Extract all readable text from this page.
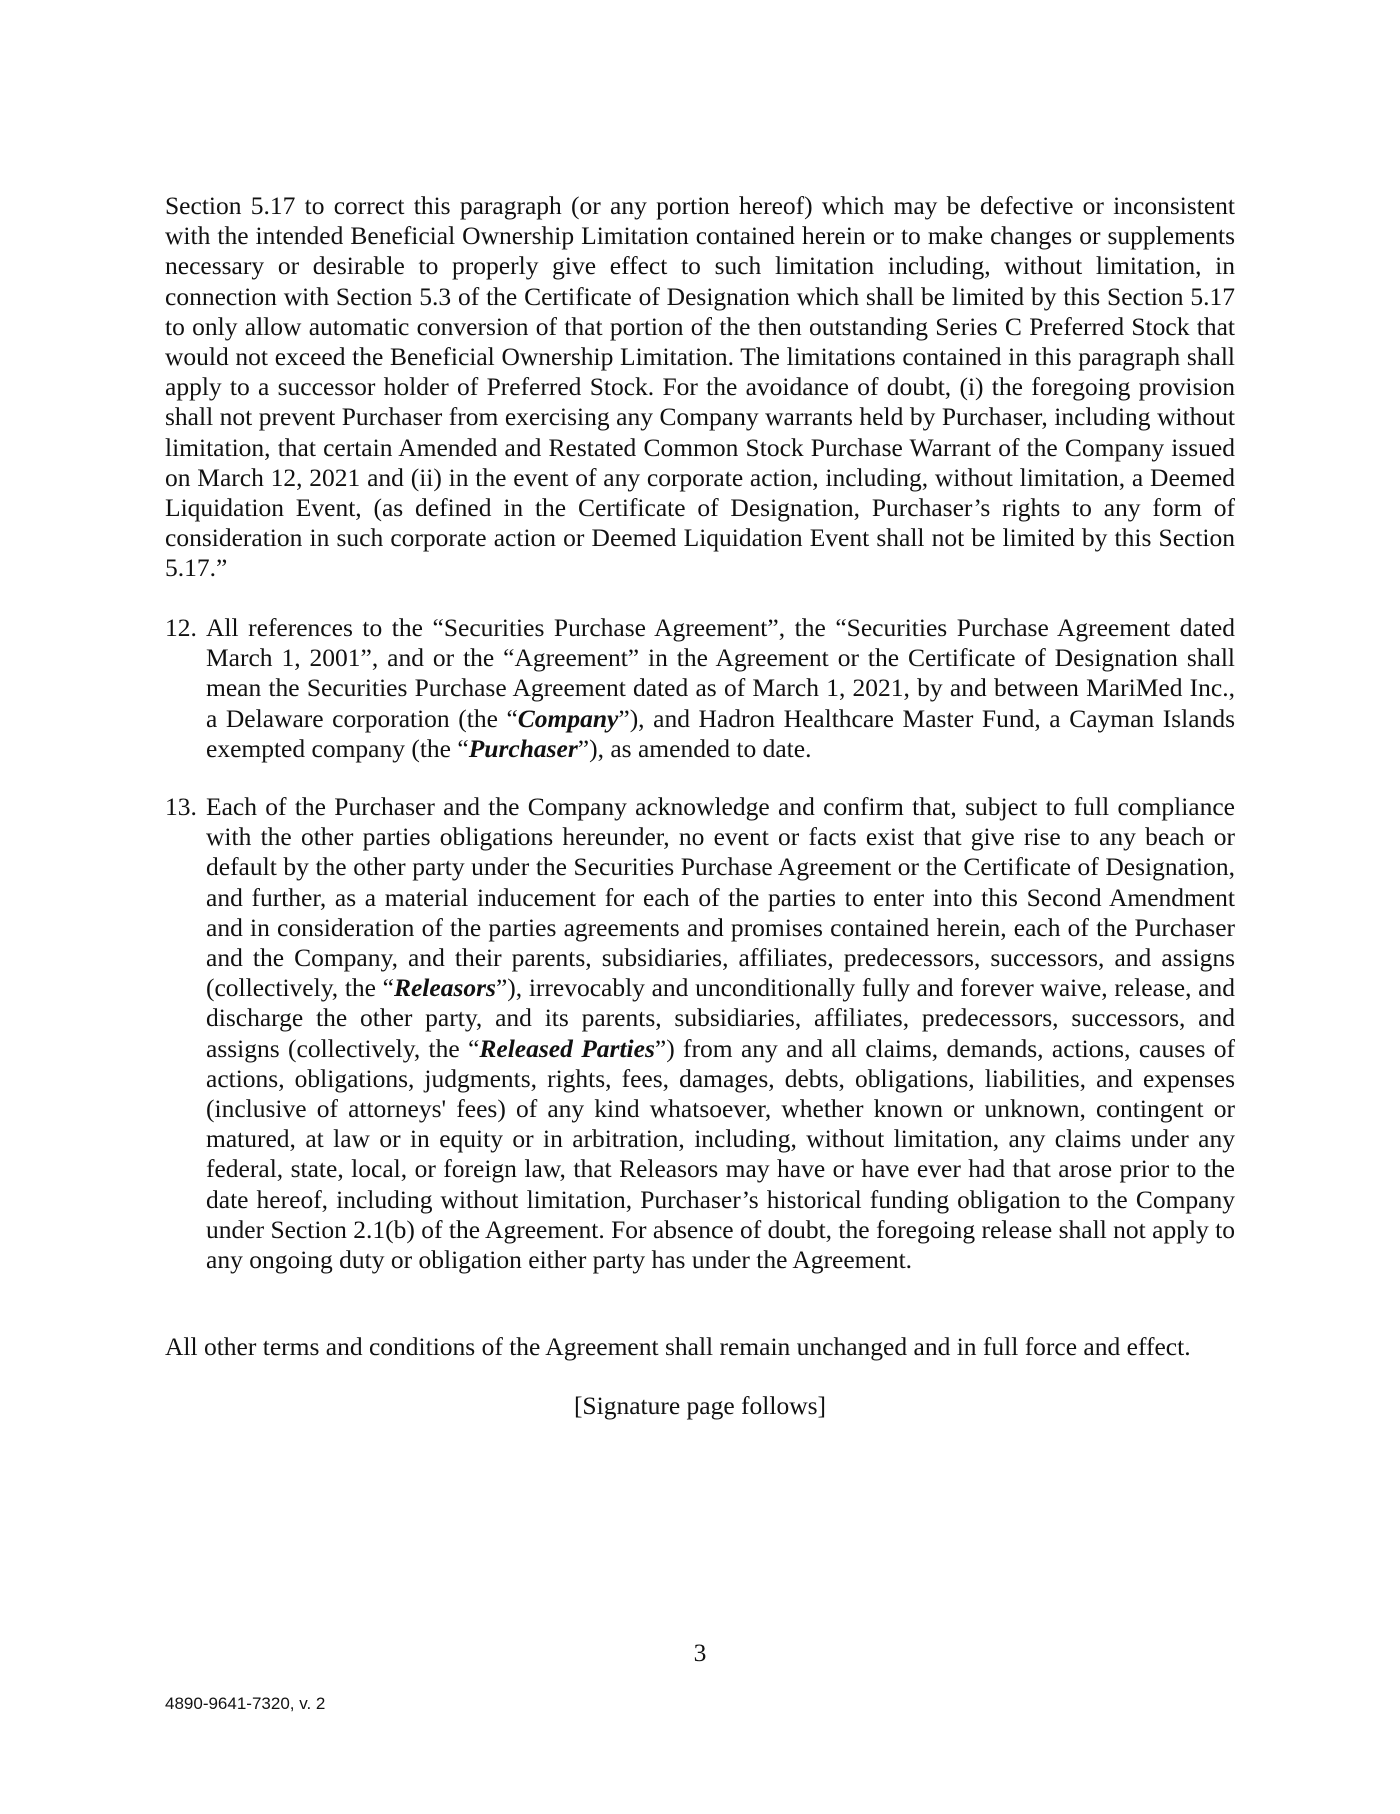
Section 5.17 to correct this paragraph (or any portion hereof) which may be defective or inconsistent with the intended Beneficial Ownership Limitation contained herein or to make changes or supplements necessary or desirable to properly give effect to such limitation including, without limitation, in connection with Section 5.3 of the Certificate of Designation which shall be limited by this Section 5.17 to only allow automatic conversion of that portion of the then outstanding Series C Preferred Stock that would not exceed the Beneficial Ownership Limitation. The limitations contained in this paragraph shall apply to a successor holder of Preferred Stock. For the avoidance of doubt, (i) the foregoing provision shall not prevent Purchaser from exercising any Company warrants held by Purchaser, including without limitation, that certain Amended and Restated Common Stock Purchase Warrant of the Company issued on March 12, 2021 and (ii) in the event of any corporate action, including, without limitation, a Deemed Liquidation Event, (as defined in the Certificate of Designation, Purchaser’s rights to any form of consideration in such corporate action or Deemed Liquidation Event shall not be limited by this Section 5.17.”

12. All references to the “Securities Purchase Agreement”, the “Securities Purchase Agreement dated March 1, 2001”, and or the “Agreement” in the Agreement or the Certificate of Designation shall mean the Securities Purchase Agreement dated as of March 1, 2021, by and between MariMed Inc., a Delaware corporation (the “Company”), and Hadron Healthcare Master Fund, a Cayman Islands exempted company (the “Purchaser”), as amended to date.
13. Each of the Purchaser and the Company acknowledge and confirm that, subject to full compliance with the other parties obligations hereunder, no event or facts exist that give rise to any beach or default by the other party under the Securities Purchase Agreement or the Certificate of Designation, and further, as a material inducement for each of the parties to enter into this Second Amendment and in consideration of the parties agreements and promises contained herein, each of the Purchaser and the Company, and their parents, subsidiaries, affiliates, predecessors, successors, and assigns (collectively, the “Releasors”), irrevocably and unconditionally fully and forever waive, release, and discharge the other party, and its parents, subsidiaries, affiliates, predecessors, successors, and assigns (collectively, the “Released Parties”) from any and all claims, demands, actions, causes of actions, obligations, judgments, rights, fees, damages, debts, obligations, liabilities, and expenses (inclusive of attorneys' fees) of any kind whatsoever, whether known or unknown, contingent or matured, at law or in equity or in arbitration, including, without limitation, any claims under any federal, state, local, or foreign law, that Releasors may have or have ever had that arose prior to the date hereof, including without limitation, Purchaser’s historical funding obligation to the Company under Section 2.1(b) of the Agreement. For absence of doubt, the foregoing release shall not apply to any ongoing duty or obligation either party has under the Agreement.

All other terms and conditions of the Agreement shall remain unchanged and in full force and effect.

[Signature page follows]
3
4890-9641-7320, v. 2
